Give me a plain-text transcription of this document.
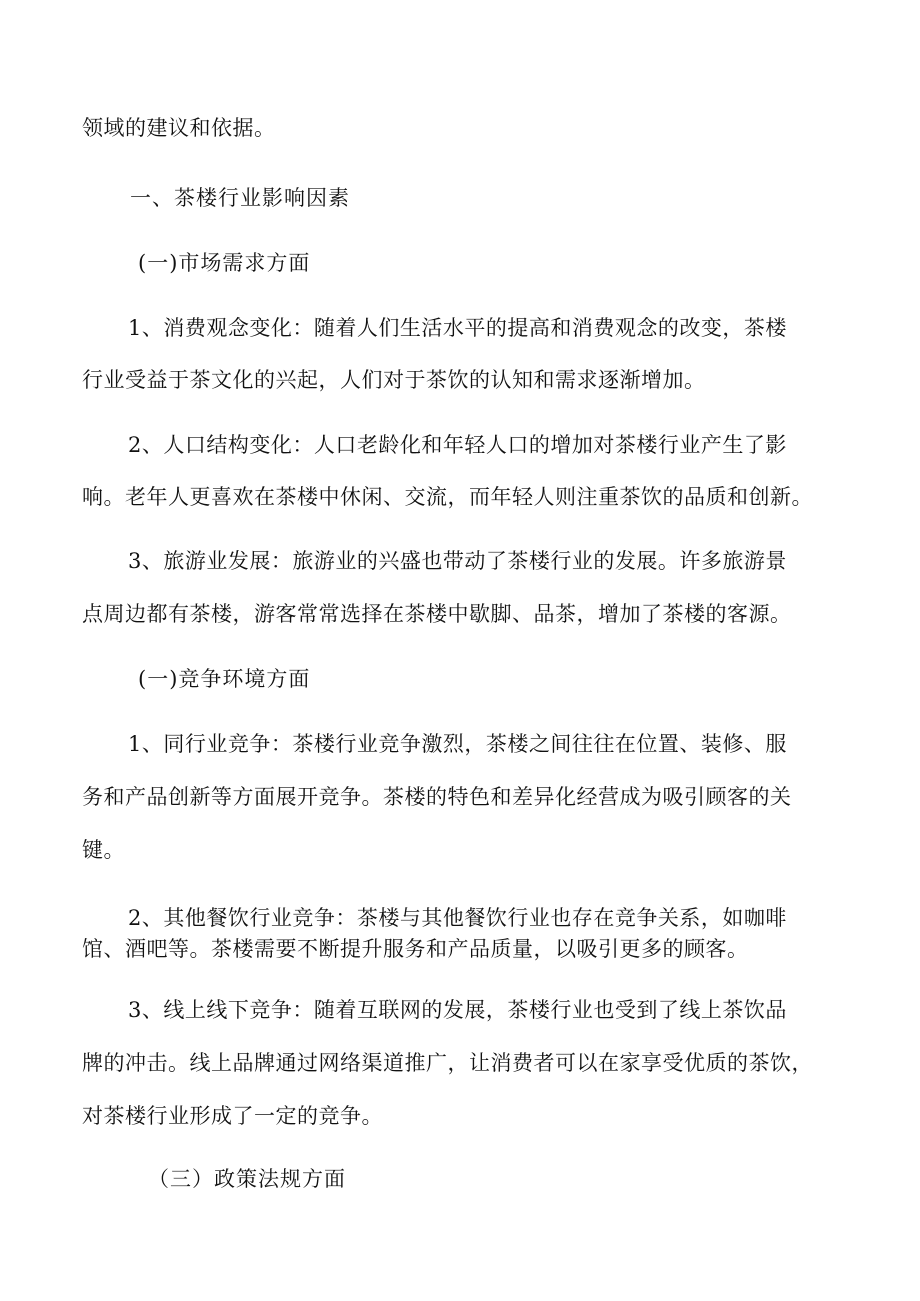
领域的建议和依据。
一、茶楼行业影响因素
(一)市场需求方面
1、消费观念变化：随着人们生活水平的提高和消费观念的改变，茶楼
行业受益于茶文化的兴起，人们对于茶饮的认知和需求逐渐增加。
2、人口结构变化：人口老龄化和年轻人口的增加对茶楼行业产生了影
响。老年人更喜欢在茶楼中休闲、交流，而年轻人则注重茶饮的品质和创新。
3、旅游业发展：旅游业的兴盛也带动了茶楼行业的发展。许多旅游景
点周边都有茶楼，游客常常选择在茶楼中歇脚、品茶，增加了茶楼的客源。
(一)竞争环境方面
1、同行业竞争：茶楼行业竞争激烈，茶楼之间往往在位置、装修、服
务和产品创新等方面展开竞争。茶楼的特色和差异化经营成为吸引顾客的关
键。
2、其他餐饮行业竞争：茶楼与其他餐饮行业也存在竞争关系，如咖啡
馆、酒吧等。茶楼需要不断提升服务和产品质量，以吸引更多的顾客。
3、线上线下竞争：随着互联网的发展，茶楼行业也受到了线上茶饮品
牌的冲击。线上品牌通过网络渠道推广，让消费者可以在家享受优质的茶饮，
对茶楼行业形成了一定的竞争。
（三）政策法规方面
